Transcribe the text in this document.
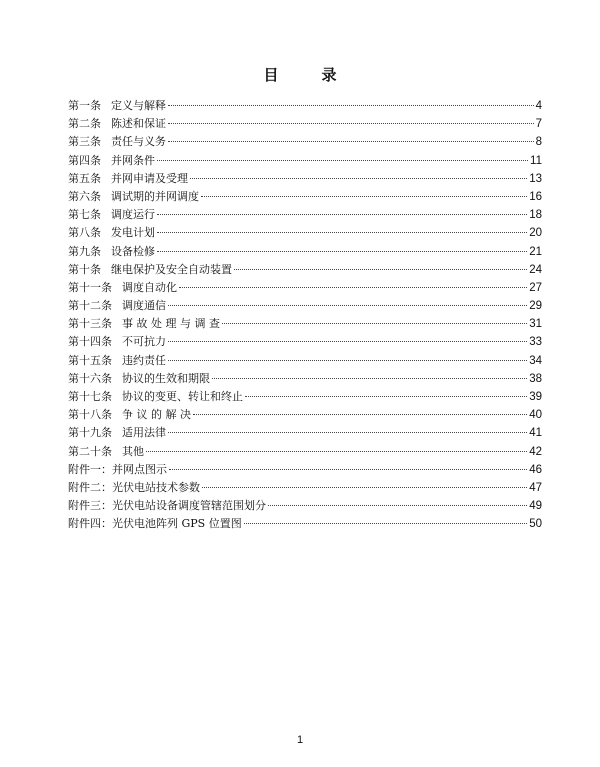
目　录
第一条 定义与解释	4
第二条 陈述和保证	7
第三条 责任与义务	8
第四条 并网条件	11
第五条 并网申请及受理	13
第六条 调试期的并网调度	16
第七条 调度运行	18
第八条 发电计划	20
第九条 设备检修	21
第十条 继电保护及安全自动装置	24
第十一条 调度自动化	27
第十二条 调度通信	29
第十三条 事 故 处 理 与 调 查	31
第十四条 不可抗力	33
第十五条 违约责任	34
第十六条 协议的生效和期限	38
第十七条 协议的变更、转让和终止	39
第十八条 争 议 的 解 决	40
第十九条 适用法律	41
第二十条 其他	42
附件一： 并网点图示	46
附件二： 光伏电站技术参数	47
附件三： 光伏电站设备调度管辖范围划分	49
附件四： 光伏电池阵列 GPS 位置图	50
1
